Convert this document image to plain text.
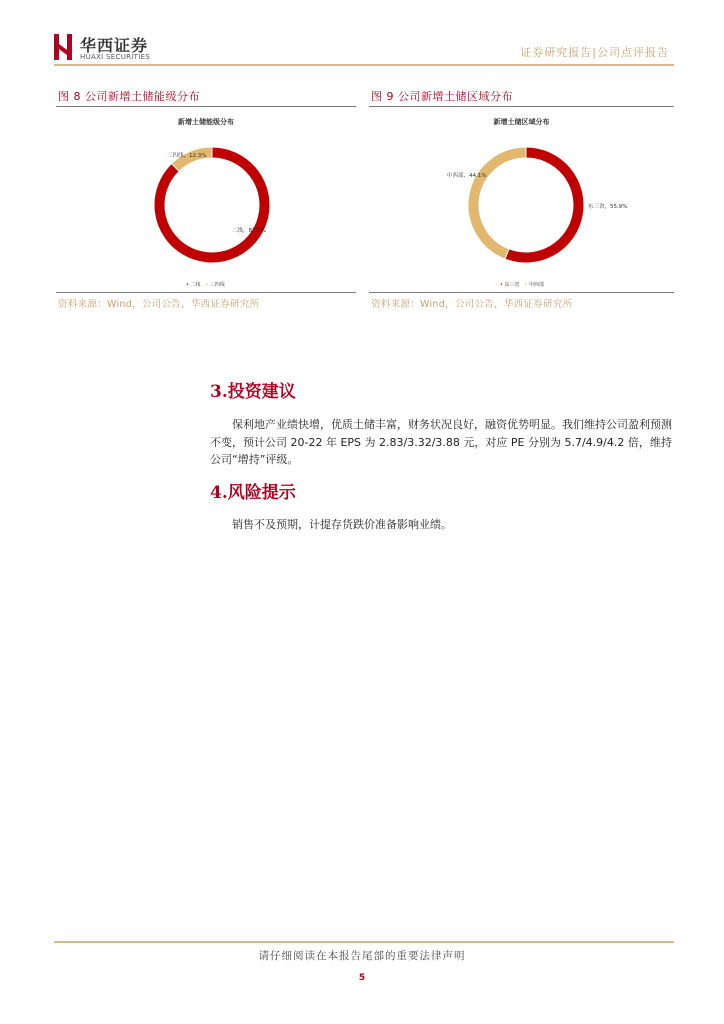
华西证券
HUAXI SECURITIES	证券研究报告|公司点评报告
图 8 公司新增土储能级分布
新增土储能级分布
三四线，12.3%
二线，87.7%
• 二线 • 三四线
资料来源：Wind，公司公告，华西证券研究所
图 9 公司新增土储区域分布
新增土储区域分布
中西部，44.1%
东三省，55.9%
• 东三省 • 中西部
资料来源：Wind，公司公告，华西证券研究所
3.投资建议
保利地产业绩快增，优质土储丰富，财务状况良好，融资优势明显。我们维持公司盈利预测不变，预计公司 20-22 年 EPS 为 2.83/3.32/3.88 元，对应 PE 分别为 5.7/4.9/4.2 倍，维持公司“增持”评级。
4.风险提示
销售不及预期，计提存货跌价准备影响业绩。
请仔细阅读在本报告尾部的重要法律声明
5
